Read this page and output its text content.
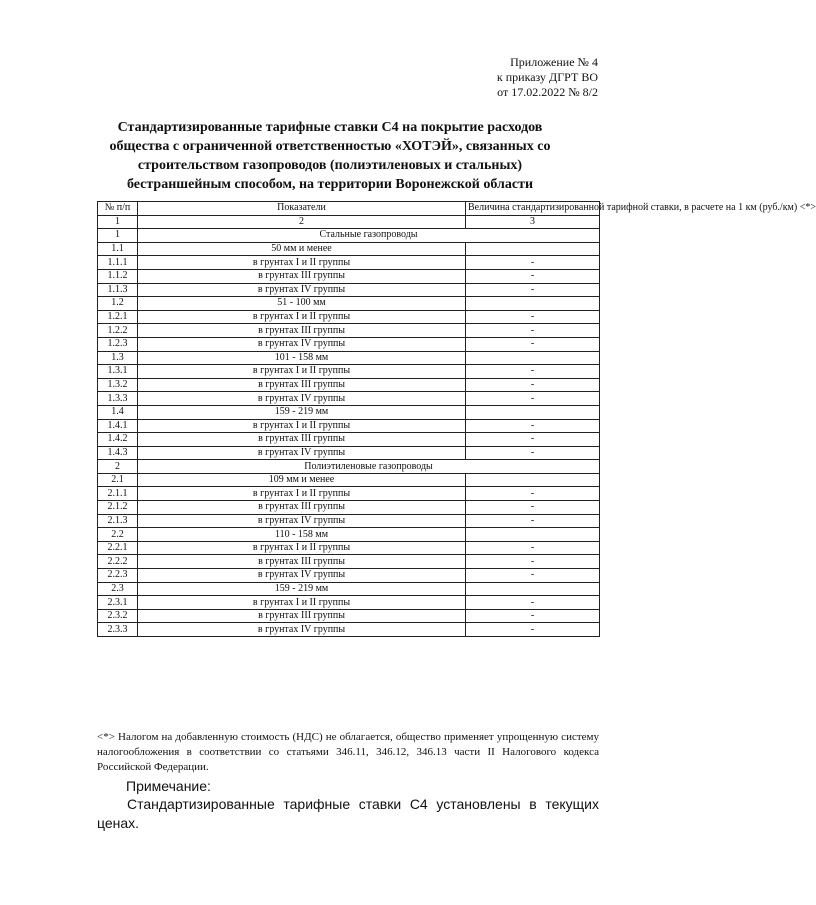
Приложение № 4
к приказу ДГРТ ВО
от 17.02.2022 № 8/2
Стандартизированные тарифные ставки С4 на покрытие расходов общества с ограниченной ответственностью «ХОТЭЙ», связанных со строительством газопроводов (полиэтиленовых и стальных) бестраншейным способом, на территории Воронежской области
№ п/п	Показатели	Величина стандартизированной тарифной ставки, в расчете на 1 км (руб./км) <*>
1	2	3
1	Стальные газопроводы	
1.1	50 мм и менее	
1.1.1	в грунтах I и II группы	-
1.1.2	в грунтах III группы	-
1.1.3	в грунтах IV группы	-
1.2	51 - 100 мм	
1.2.1	в грунтах I и II группы	-
1.2.2	в грунтах III группы	-
1.2.3	в грунтах IV группы	-
1.3	101 - 158 мм	
1.3.1	в грунтах I и II группы	-
1.3.2	в грунтах III группы	-
1.3.3	в грунтах IV группы	-
1.4	159 - 219 мм	
1.4.1	в грунтах I и II группы	-
1.4.2	в грунтах III группы	-
1.4.3	в грунтах IV группы	-
2	Полиэтиленовые газопроводы	
2.1	109 мм и менее	
2.1.1	в грунтах I и II группы	-
2.1.2	в грунтах III группы	-
2.1.3	в грунтах IV группы	-
2.2	110 - 158 мм	
2.2.1	в грунтах I и II группы	-
2.2.2	в грунтах III группы	-
2.2.3	в грунтах IV группы	-
2.3	159 - 219 мм	
2.3.1	в грунтах I и II группы	-
2.3.2	в грунтах III группы	-
2.3.3	в грунтах IV группы	-
<*> Налогом на добавленную стоимость (НДС) не облагается, общество применяет упрощенную систему налогообложения в соответствии со статьями 346.11, 346.12, 346.13 части II Налогового кодекса Российской Федерации.
Примечание:
Стандартизированные тарифные ставки С4 установлены в текущих ценах.
